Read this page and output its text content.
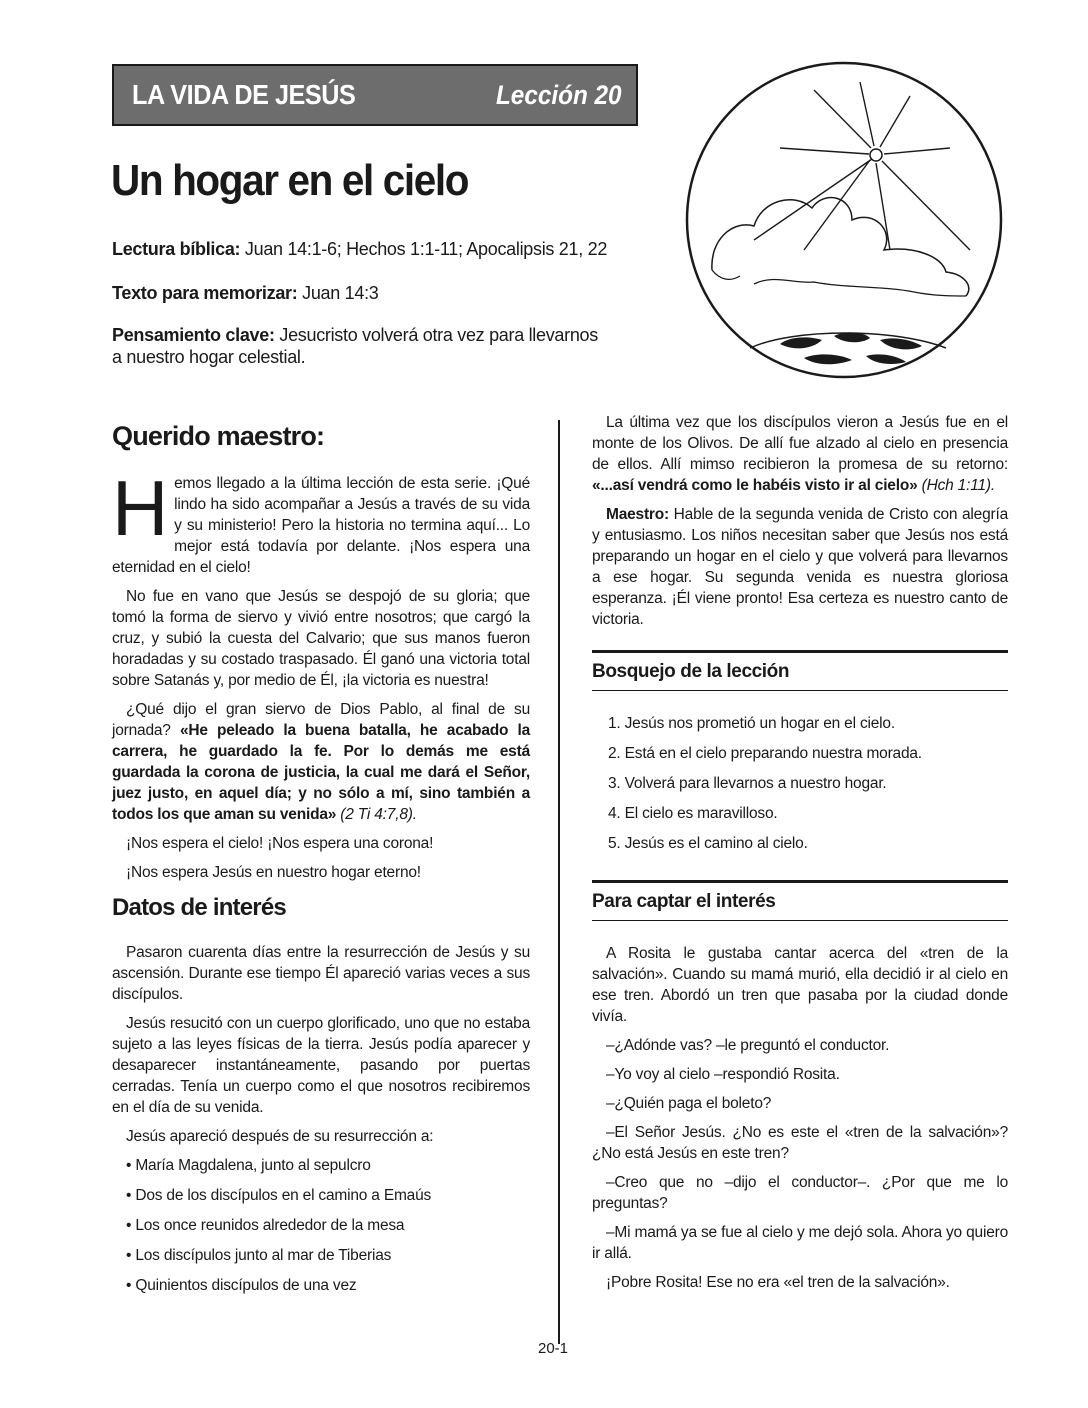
LA VIDA DE JESÚS	Lección 20
Un hogar en el cielo

Lectura bíblica: Juan 14:1-6; Hechos 1:1-11; Apocalipsis 21, 22

Texto para memorizar: Juan 14:3

Pensamiento clave: Jesucristo volverá otra vez para llevarnos a nuestro hogar celestial.

Querido maestro:

Hemos llegado a la última lección de esta serie. ¡Qué lindo ha sido acompañar a Jesús a través de su vida y su ministerio! Pero la historia no termina aquí... Lo mejor está todavía por delante. ¡Nos espera una eternidad en el cielo!

No fue en vano que Jesús se despojó de su gloria; que tomó la forma de siervo y vivió entre nosotros; que cargó la cruz, y subió la cuesta del Calvario; que sus manos fueron horadadas y su costado traspasado. Él ganó una victoria total sobre Satanás y, por medio de Él, ¡la victoria es nuestra!

¿Qué dijo el gran siervo de Dios Pablo, al final de su jornada? «He peleado la buena batalla, he acabado la carrera, he guardado la fe. Por lo demás me está guardada la corona de justicia, la cual me dará el Señor, juez justo, en aquel día; y no sólo a mí, sino también a todos los que aman su venida» (2 Ti 4:7,8).

¡Nos espera el cielo! ¡Nos espera una corona!

¡Nos espera Jesús en nuestro hogar eterno!

Datos de interés

Pasaron cuarenta días entre la resurrección de Jesús y su ascensión. Durante ese tiempo Él apareció varias veces a sus discípulos.

Jesús resucitó con un cuerpo glorificado, uno que no estaba sujeto a las leyes físicas de la tierra. Jesús podía aparecer y desaparecer instantáneamente, pasando por puertas cerradas. Tenía un cuerpo como el que nosotros recibiremos en el día de su venida.

Jesús apareció después de su resurrección a:

• María Magdalena, junto al sepulcro
• Dos de los discípulos en el camino a Emaús
• Los once reunidos alrededor de la mesa
• Los discípulos junto al mar de Tiberias
• Quinientos discípulos de una vez

La última vez que los discípulos vieron a Jesús fue en el monte de los Olivos. De allí fue alzado al cielo en presencia de ellos. Allí mimso recibieron la promesa de su retorno: «...así vendrá como le habéis visto ir al cielo» (Hch 1:11).

Maestro: Hable de la segunda venida de Cristo con alegría y entusiasmo. Los niños necesitan saber que Jesús nos está preparando un hogar en el cielo y que volverá para llevarnos a ese hogar. Su segunda venida es nuestra gloriosa esperanza. ¡Él viene pronto! Esa certeza es nuestro canto de victoria.

Bosquejo de la lección
1. Jesús nos prometió un hogar en el cielo.
2. Está en el cielo preparando nuestra morada.
3. Volverá para llevarnos a nuestro hogar.
4. El cielo es maravilloso.
5. Jesús es el camino al cielo.
Para captar el interés

A Rosita le gustaba cantar acerca del «tren de la salvación». Cuando su mamá murió, ella decidió ir al cielo en ese tren. Abordó un tren que pasaba por la ciudad donde vivía.

–¿Adónde vas? –le preguntó el conductor.

–Yo voy al cielo –respondió Rosita.

–¿Quién paga el boleto?

–El Señor Jesús. ¿No es este el «tren de la salvación»? ¿No está Jesús en este tren?

–Creo que no –dijo el conductor–. ¿Por que me lo preguntas?

–Mi mamá ya se fue al cielo y me dejó sola. Ahora yo quiero ir allá.

¡Pobre Rosita! Ese no era «el tren de la salvación».

20-1
